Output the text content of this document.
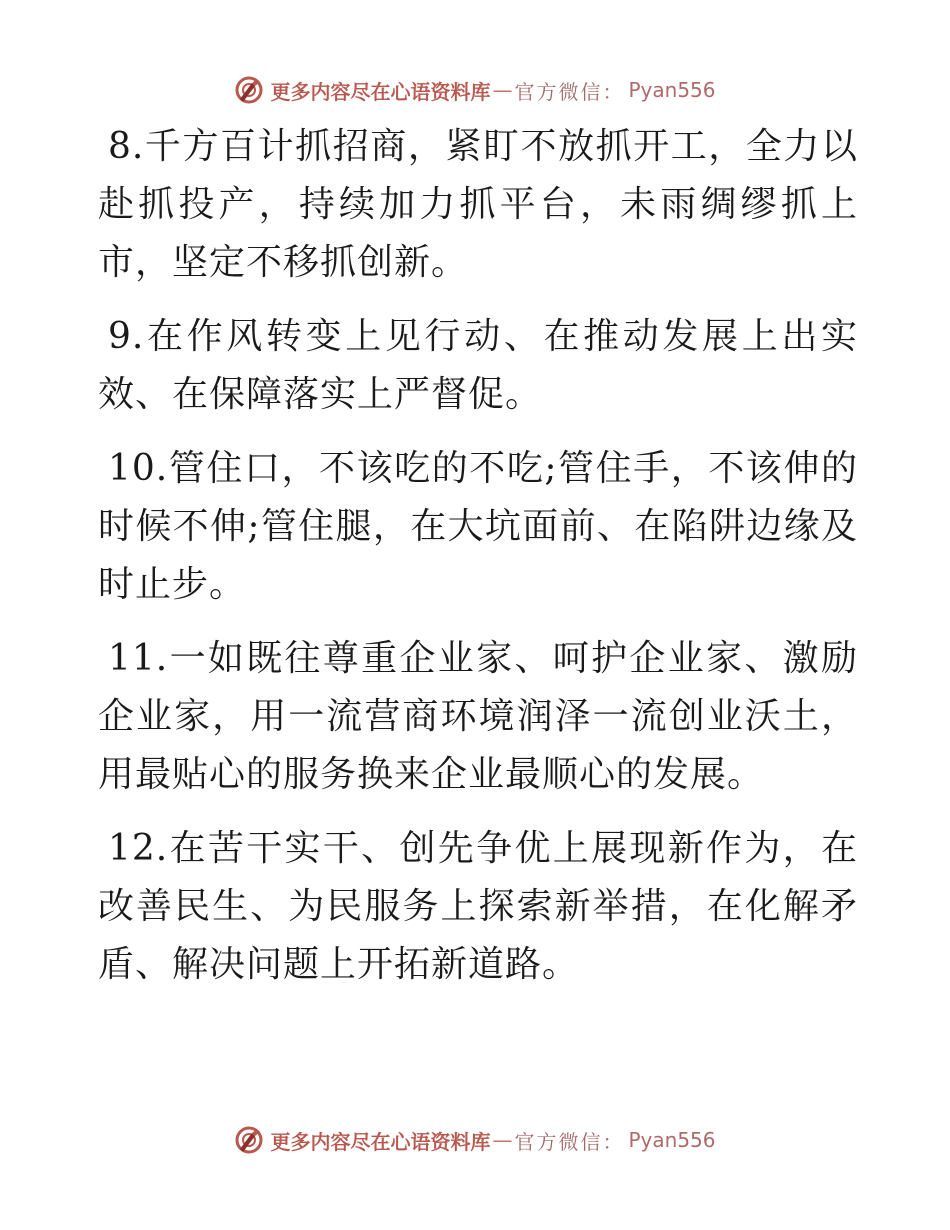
更多内容尽在心语资料库 — 官方微信： Pyan556

8.千方百计抓招商，紧盯不放抓开工，全力以赴抓投产，持续加力抓平台，未雨绸缪抓上市，坚定不移抓创新。

9.在作风转变上见行动、在推动发展上出实效、在保障落实上严督促。

10.管住口，不该吃的不吃;管住手，不该伸的时候不伸;管住腿，在大坑面前、在陷阱边缘及时止步。

11.一如既往尊重企业家、呵护企业家、激励企业家，用一流营商环境润泽一流创业沃土，用最贴心的服务换来企业最顺心的发展。

12.在苦干实干、创先争优上展现新作为，在改善民生、为民服务上探索新举措，在化解矛盾、解决问题上开拓新道路。

更多内容尽在心语资料库 — 官方微信： Pyan556
